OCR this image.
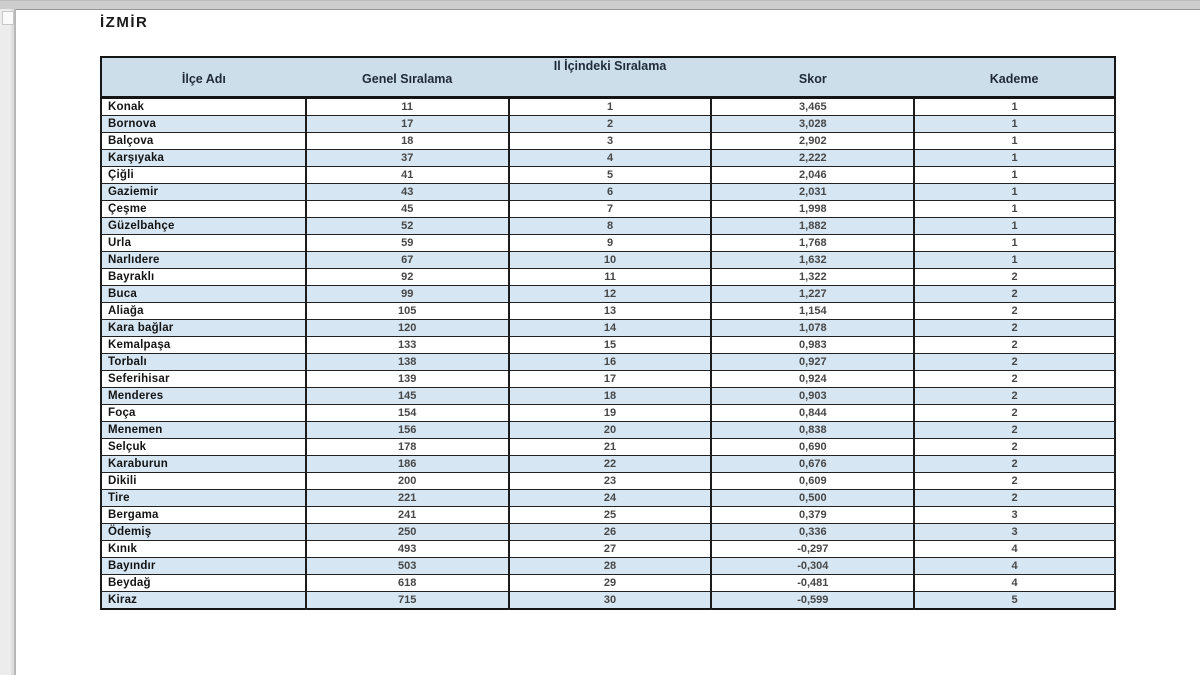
İZMİR
İlçe Adı	Genel Sıralama	Il İçindeki Sıralama	Skor	Kademe
Konak	11	1	3,465	1
Bornova	17	2	3,028	1
Balçova	18	3	2,902	1
Karşıyaka	37	4	2,222	1
Çiğli	41	5	2,046	1
Gaziemir	43	6	2,031	1
Çeşme	45	7	1,998	1
Güzelbahçe	52	8	1,882	1
Urla	59	9	1,768	1
Narlıdere	67	10	1,632	1
Bayraklı	92	11	1,322	2
Buca	99	12	1,227	2
Aliağa	105	13	1,154	2
Kara bağlar	120	14	1,078	2
Kemalpaşa	133	15	0,983	2
Torbalı	138	16	0,927	2
Seferihisar	139	17	0,924	2
Menderes	145	18	0,903	2
Foça	154	19	0,844	2
Menemen	156	20	0,838	2
Selçuk	178	21	0,690	2
Karaburun	186	22	0,676	2
Dikili	200	23	0,609	2
Tire	221	24	0,500	2
Bergama	241	25	0,379	3
Ödemiş	250	26	0,336	3
Kınık	493	27	-0,297	4
Bayındır	503	28	-0,304	4
Beydağ	618	29	-0,481	4
Kiraz	715	30	-0,599	5
